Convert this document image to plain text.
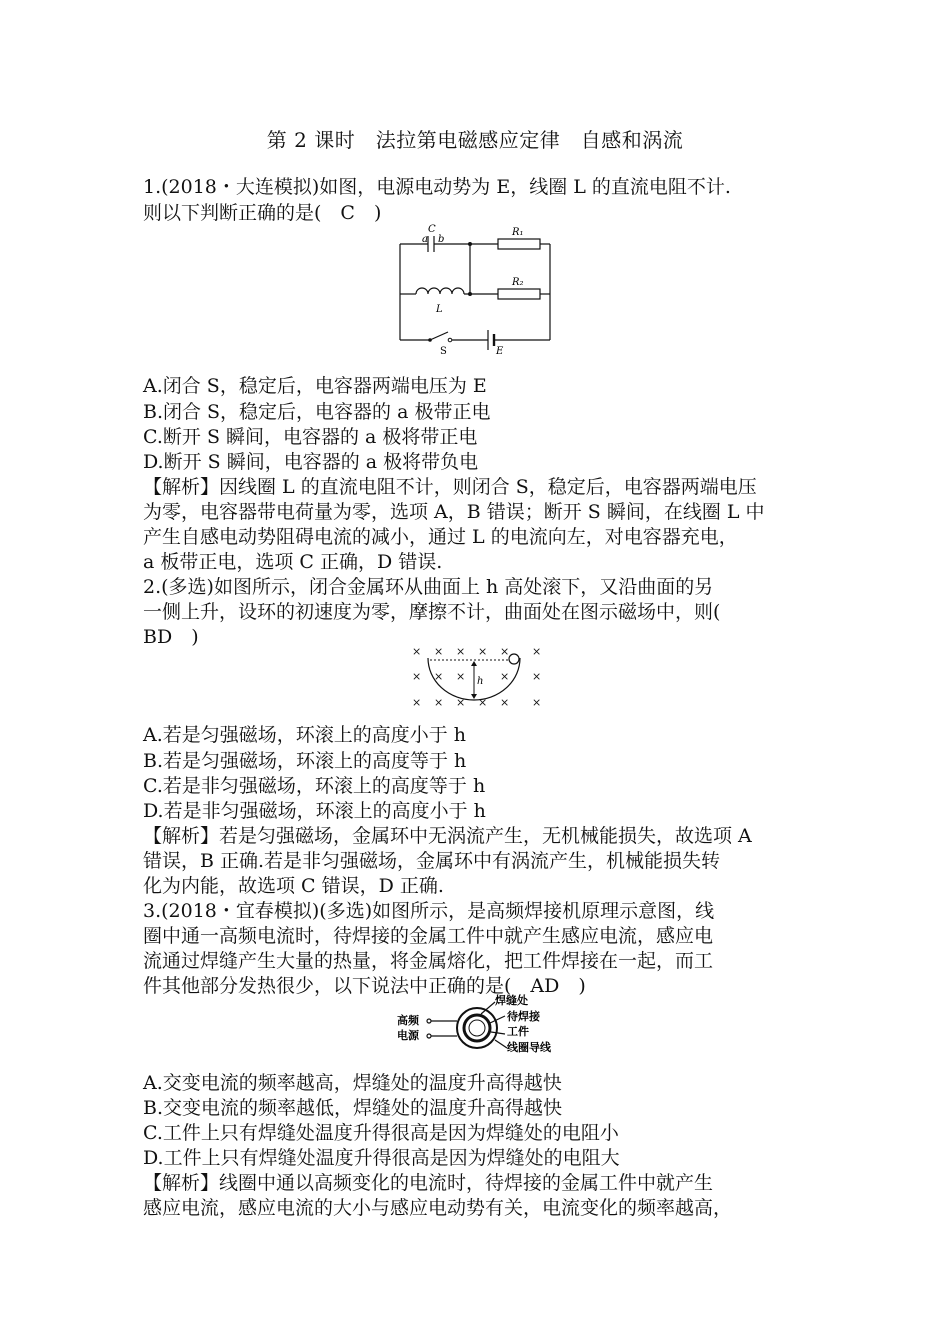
第 2 课时　法拉第电磁感应定律　自感和涡流
1.(2018・大连模拟)如图，电源电动势为 E，线圈 L 的直流电阻不计.
则以下判断正确的是(　C　)
a
C
b
R₁
R₂
L
S	E
A.闭合 S，稳定后，电容器两端电压为 E
B.闭合 S，稳定后，电容器的 a 极带正电
C.断开 S 瞬间，电容器的 a 极将带正电
D.断开 S 瞬间，电容器的 a 极将带负电
【解析】因线圈 L 的直流电阻不计，则闭合 S，稳定后，电容器两端电压
为零，电容器带电荷量为零，选项 A，B 错误；断开 S 瞬间，在线圈 L 中
产生自感电动势阻碍电流的减小，通过 L 的电流向左，对电容器充电，
a 板带正电，选项 C 正确，D 错误.
2.(多选)如图所示，闭合金属环从曲面上 h 高处滚下，又沿曲面的另
一侧上升，设环的初速度为零，摩擦不计，曲面处在图示磁场中，则(
BD　)
× × × × × ×
× × ×	× ×
× × × × × ×
h
A.若是匀强磁场，环滚上的高度小于 h
B.若是匀强磁场，环滚上的高度等于 h
C.若是非匀强磁场，环滚上的高度等于 h
D.若是非匀强磁场，环滚上的高度小于 h
【解析】若是匀强磁场，金属环中无涡流产生，无机械能损失，故选项 A
错误，B 正确.若是非匀强磁场，金属环中有涡流产生，机械能损失转
化为内能，故选项 C 错误，D 正确.
3.(2018・宜春模拟)(多选)如图所示，是高频焊接机原理示意图，线
圈中通一高频电流时，待焊接的金属工件中就产生感应电流，感应电
流通过焊缝产生大量的热量，将金属熔化，把工件焊接在一起，而工
件其他部分发热很少，以下说法中正确的是(　AD　)
高频
电源
焊缝处
待焊接
工件
线圈导线
A.交变电流的频率越高，焊缝处的温度升高得越快
B.交变电流的频率越低，焊缝处的温度升高得越快
C.工件上只有焊缝处温度升得很高是因为焊缝处的电阻小
D.工件上只有焊缝处温度升得很高是因为焊缝处的电阻大
【解析】线圈中通以高频变化的电流时，待焊接的金属工件中就产生
感应电流，感应电流的大小与感应电动势有关，电流变化的频率越高，
